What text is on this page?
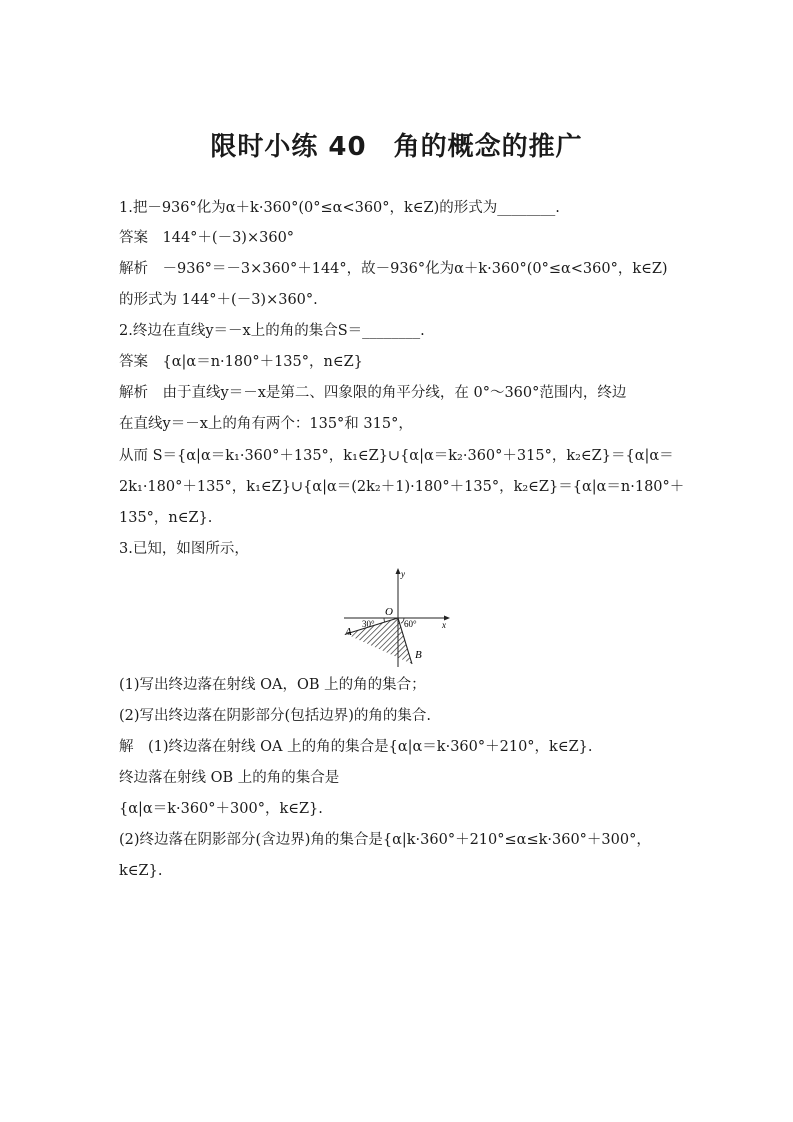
限时小练 40　角的概念的推广
1.把－936°化为α＋k·360°(0°≤α<360°，k∈Z)的形式为________.
答案　144°＋(－3)×360°
解析　－936°＝－3×360°＋144°，故－936°化为α＋k·360°(0°≤α<360°，k∈Z)
的形式为 144°＋(－3)×360°.
2.终边在直线y＝－x上的角的集合S＝________.
答案　{α|α＝n·180°＋135°，n∈Z}
解析　由于直线y＝－x是第二、四象限的角平分线，在 0°～360°范围内，终边
在直线y＝－x上的角有两个：135°和 315°，
从而 S＝{α|α＝k₁·360°＋135°，k₁∈Z}∪{α|α＝k₂·360°＋315°，k₂∈Z}＝{α|α＝
2k₁·180°＋135°，k₁∈Z}∪{α|α＝(2k₂＋1)·180°＋135°，k₂∈Z}＝{α|α＝n·180°＋
135°，n∈Z}.
3.已知，如图所示，
y
x
O
30°	60°
A
B
(1)写出终边落在射线 OA，OB 上的角的集合；
(2)写出终边落在阴影部分(包括边界)的角的集合.
解　(1)终边落在射线 OA 上的角的集合是{α|α＝k·360°＋210°，k∈Z}.
终边落在射线 OB 上的角的集合是
{α|α＝k·360°＋300°，k∈Z}.
(2)终边落在阴影部分(含边界)角的集合是{α|k·360°＋210°≤α≤k·360°＋300°，
k∈Z}.
